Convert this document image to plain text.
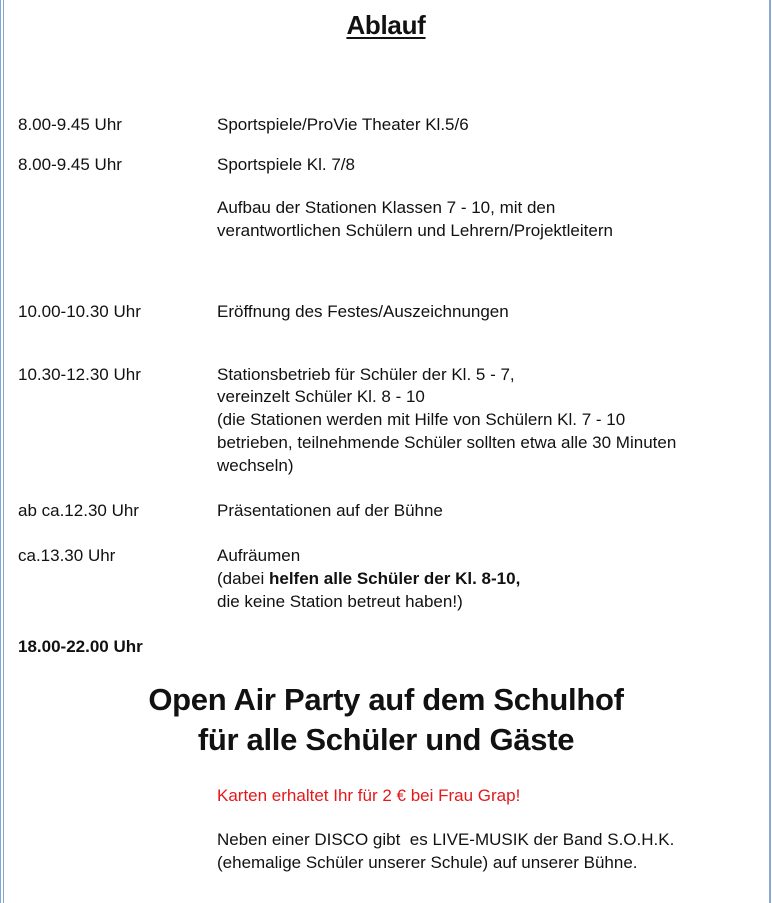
Ablauf
8.00-9.45 Uhr	Sportspiele/ProVie Theater Kl.5/6
8.00-9.45 Uhr	Sportspiele Kl. 7/8
Aufbau der Stationen Klassen 7 - 10, mit den
verantwortlichen Schülern und Lehrern/Projektleitern
10.00-10.30 Uhr	Eröffnung des Festes/Auszeichnungen
10.30-12.30 Uhr	Stationsbetrieb für Schüler der Kl. 5 - 7,
vereinzelt Schüler Kl. 8 - 10
(die Stationen werden mit Hilfe von Schülern Kl. 7 - 10
betrieben, teilnehmende Schüler sollten etwa alle 30 Minuten
wechseln)
ab ca.12.30 Uhr	Präsentationen auf der Bühne
ca.13.30 Uhr	Aufräumen
(dabei helfen alle Schüler der Kl. 8-10,
die keine Station betreut haben!)
18.00-22.00 Uhr
Open Air Party auf dem Schulhof
für alle Schüler und Gäste
Karten erhaltet Ihr für 2 € bei Frau Grap!
Neben einer DISCO gibt  es LIVE-MUSIK der Band S.O.H.K.
(ehemalige Schüler unserer Schule) auf unserer Bühne.
